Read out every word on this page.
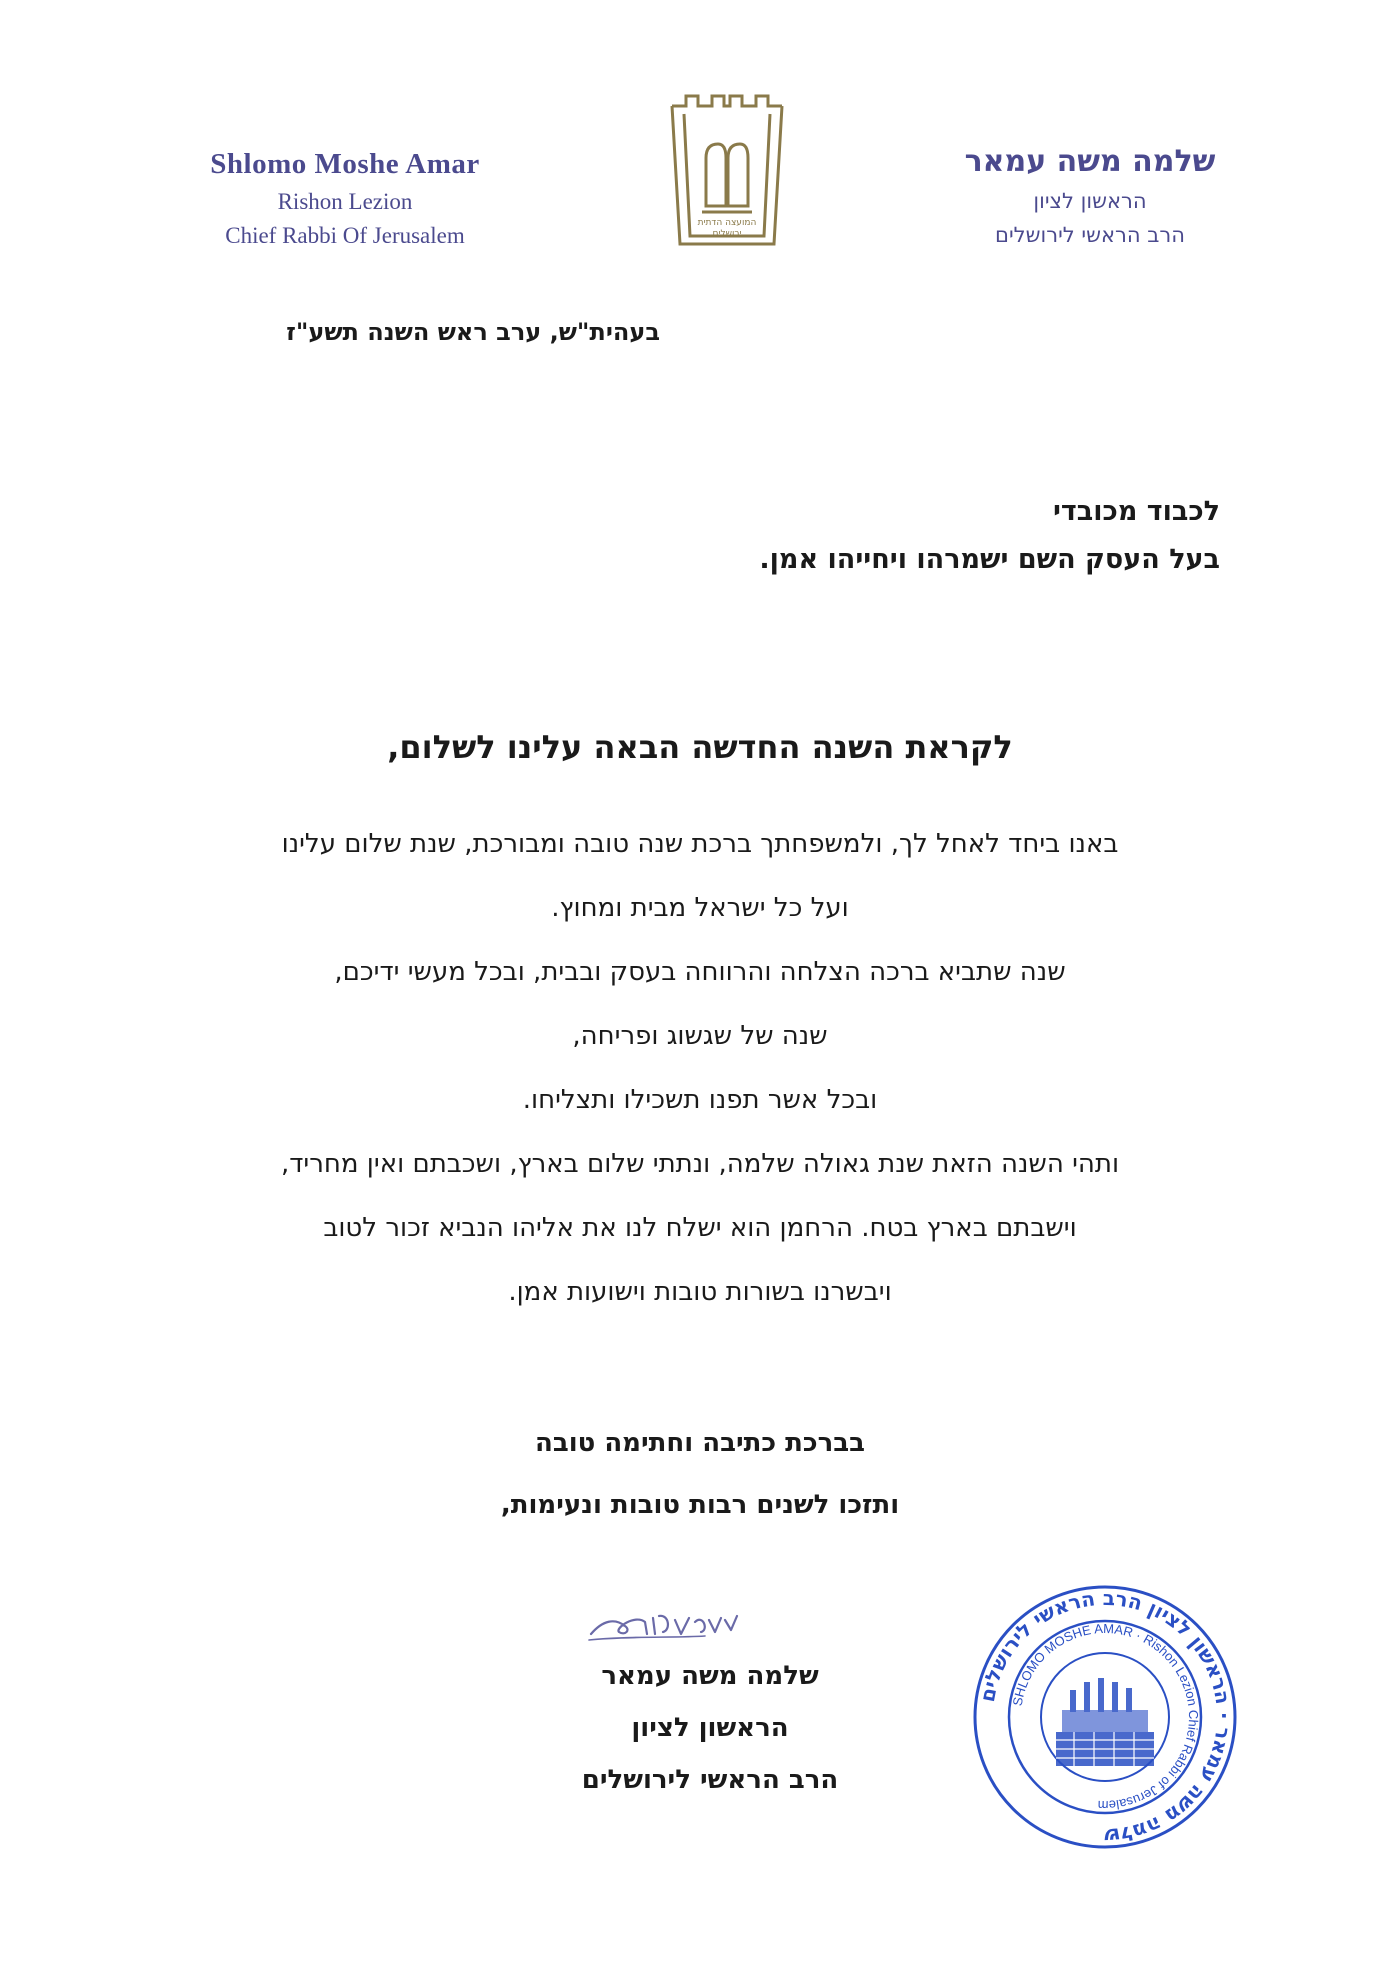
Shlomo Moshe Amar
Rishon Lezion
Chief Rabbi Of Jerusalem	המועצה הדתית
ירושלים
שלמה משה עמאר
הראשון לציון
הרב הראשי לירושלים
בעהית"ש, ערב ראש השנה תשע"ז
לכבוד מכובדי
בעל העסק השם ישמרהו ויחייהו אמן.
לקראת השנה החדשה הבאה עלינו לשלום,
באנו ביחד לאחל לך, ולמשפחתך ברכת שנה טובה ומבורכת, שנת שלום עלינו
ועל כל ישראל מבית ומחוץ.
שנה שתביא ברכה הצלחה והרווחה בעסק ובבית, ובכל מעשי ידיכם,
שנה של שגשוג ופריחה,
ובכל אשר תפנו תשכילו ותצליחו.
ותהי השנה הזאת שנת גאולה שלמה, ונתתי שלום בארץ, ושכבתם ואין מחריד,
וישבתם בארץ בטח. הרחמן הוא ישלח לנו את אליהו הנביא זכור לטוב
ויבשרנו בשורות טובות וישועות אמן.
בברכת כתיבה וחתימה טובה
ותזכו לשנים רבות טובות ונעימות,
שלמה משה עמאר
הראשון לציון
הרב הראשי לירושלים
שלמה משה עמאר · הראשון לציון הרב הראשי לירושלים
SHLOMO MOSHE AMAR · Rishon Lezion Chief Rabbi of Jerusalem
